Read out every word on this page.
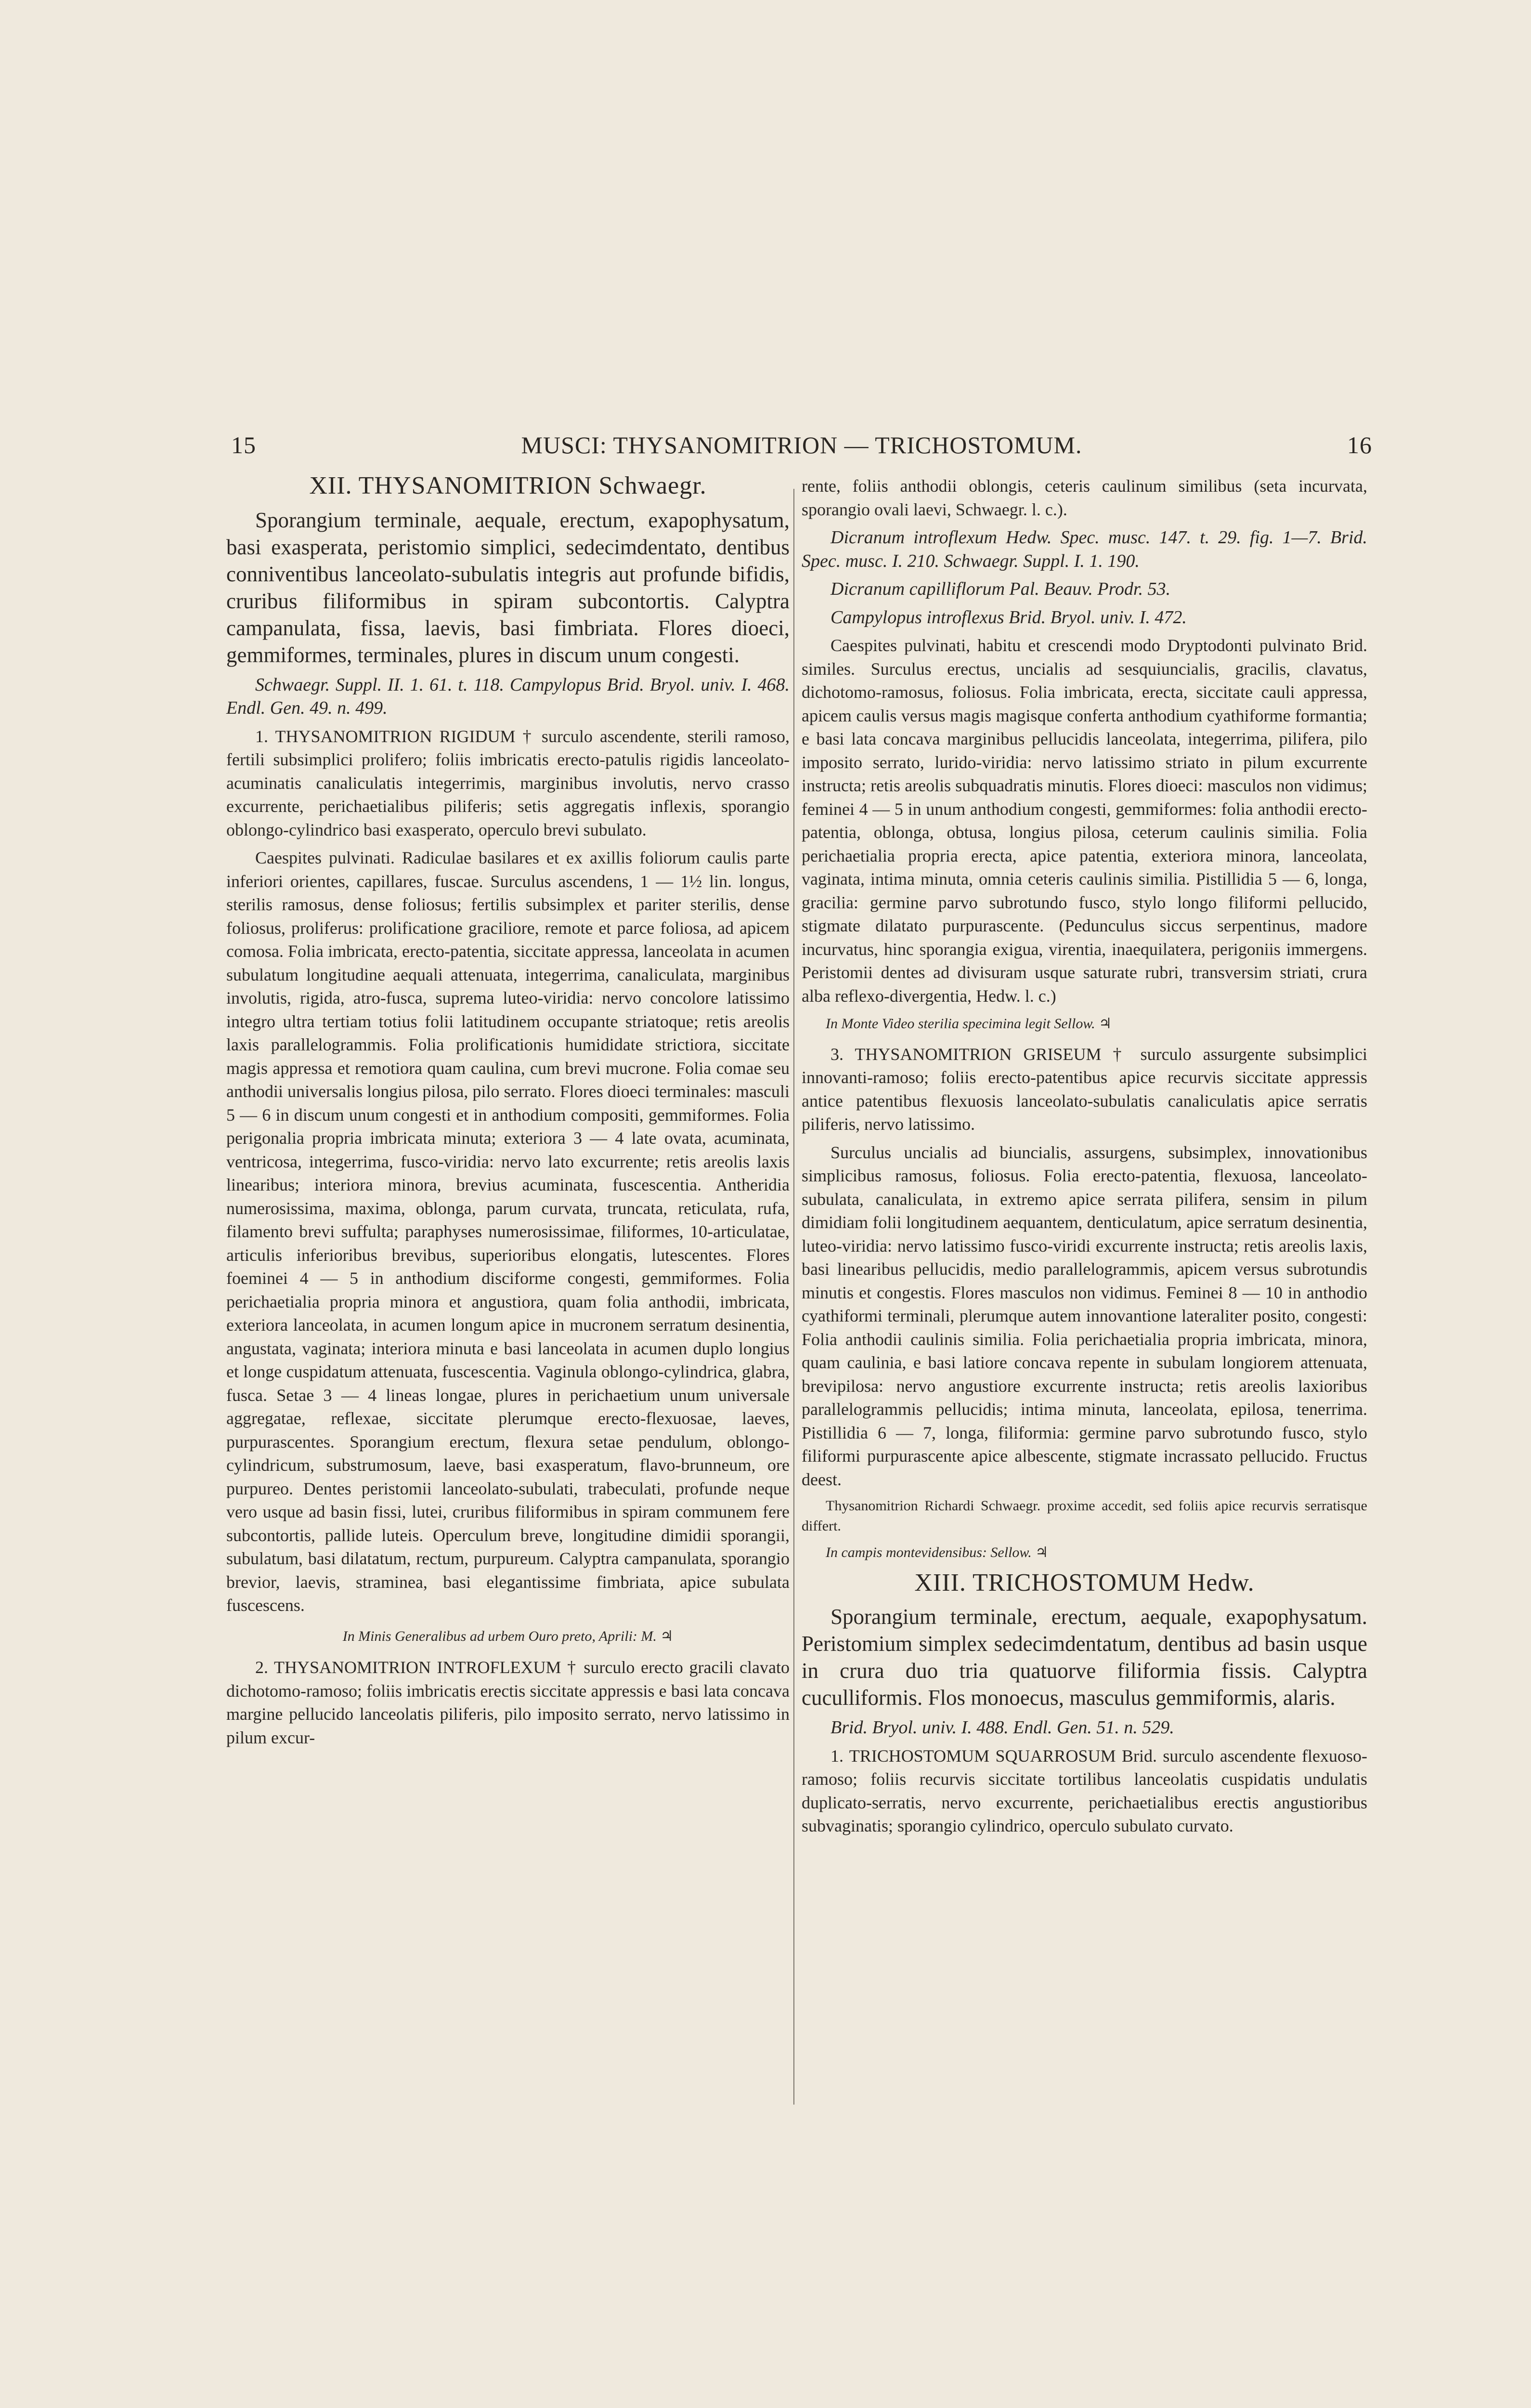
15	MUSCI: THYSANOMITRION — TRICHOSTOMUM.	16
XII. THYSANOMITRION Schwaegr.

Sporangium terminale, aequale, erectum, exapophysatum, basi exasperata, peristomio simplici, sedecimdentato, dentibus conniventibus lanceolato-subulatis integris aut profunde bifidis, cruribus filiformibus in spiram subcontortis. Calyptra campanulata, fissa, laevis, basi fimbriata. Flores dioeci, gemmiformes, terminales, plures in discum unum congesti.

Schwaegr. Suppl. II. 1. 61. t. 118. Campylopus Brid. Bryol. univ. I. 468. Endl. Gen. 49. n. 499.

1. THYSANOMITRION RIGIDUM † surculo ascendente, sterili ramoso, fertili subsimplici prolifero; foliis imbricatis erecto-patulis rigidis lanceolato-acuminatis canaliculatis integerrimis, marginibus involutis, nervo crasso excurrente, perichaetialibus piliferis; setis aggregatis inflexis, sporangio oblongo-cylindrico basi exasperato, operculo brevi subulato.

Caespites pulvinati. Radiculae basilares et ex axillis foliorum caulis parte inferiori orientes, capillares, fuscae. Surculus ascendens, 1 — 1½ lin. longus, sterilis ramosus, dense foliosus; fertilis subsimplex et pariter sterilis, dense foliosus, proliferus: prolificatione graciliore, remote et parce foliosa, ad apicem comosa. Folia imbricata, erecto-patentia, siccitate appressa, lanceolata in acumen subulatum longitudine aequali attenuata, integerrima, canaliculata, marginibus involutis, rigida, atro-fusca, suprema luteo-viridia: nervo concolore latissimo integro ultra tertiam totius folii latitudinem occupante striatoque; retis areolis laxis parallelogrammis. Folia prolificationis humididate strictiora, siccitate magis appressa et remotiora quam caulina, cum brevi mucrone. Folia comae seu anthodii universalis longius pilosa, pilo serrato. Flores dioeci terminales: masculi 5 — 6 in discum unum congesti et in anthodium compositi, gemmiformes. Folia perigonalia propria imbricata minuta; exteriora 3 — 4 late ovata, acuminata, ventricosa, integerrima, fusco-viridia: nervo lato excurrente; retis areolis laxis linearibus; interiora minora, brevius acuminata, fuscescentia. Antheridia numerosissima, maxima, oblonga, parum curvata, truncata, reticulata, rufa, filamento brevi suffulta; paraphyses numerosissimae, filiformes, 10-articulatae, articulis inferioribus brevibus, superioribus elongatis, lutescentes. Flores foeminei 4 — 5 in anthodium disciforme congesti, gemmiformes. Folia perichaetialia propria minora et angustiora, quam folia anthodii, imbricata, exteriora lanceolata, in acumen longum apice in mucronem serratum desinentia, angustata, vaginata; interiora minuta e basi lanceolata in acumen duplo longius et longe cuspidatum attenuata, fuscescentia. Vaginula oblongo-cylindrica, glabra, fusca. Setae 3 — 4 lineas longae, plures in perichaetium unum universale aggregatae, reflexae, siccitate plerumque erecto-flexuosae, laeves, purpurascentes. Sporangium erectum, flexura setae pendulum, oblongo-cylindricum, substrumosum, laeve, basi exasperatum, flavo-brunneum, ore purpureo. Dentes peristomii lanceolato-subulati, trabeculati, profunde neque vero usque ad basin fissi, lutei, cruribus filiformibus in spiram communem fere subcontortis, pallide luteis. Operculum breve, longitudine dimidii sporangii, subulatum, basi dilatatum, rectum, purpureum. Calyptra campanulata, sporangio brevior, laevis, straminea, basi elegantissime fimbriata, apice subulata fuscescens.

In Minis Generalibus ad urbem Ouro preto, Aprili: M. ♃

2. THYSANOMITRION INTROFLEXUM † surculo erecto gracili clavato dichotomo-ramoso; foliis imbricatis erectis siccitate appressis e basi lata concava margine pellucido lanceolatis piliferis, pilo imposito serrato, nervo latissimo in pilum excur-

rente, foliis anthodii oblongis, ceteris caulinum similibus (seta incurvata, sporangio ovali laevi, Schwaegr. l. c.).

Dicranum introflexum Hedw. Spec. musc. 147. t. 29. fig. 1—7. Brid. Spec. musc. I. 210. Schwaegr. Suppl. I. 1. 190.

Dicranum capilliflorum Pal. Beauv. Prodr. 53.

Campylopus introflexus Brid. Bryol. univ. I. 472.

Caespites pulvinati, habitu et crescendi modo Dryptodonti pulvinato Brid. similes. Surculus erectus, uncialis ad sesquiuncialis, gracilis, clavatus, dichotomo-ramosus, foliosus. Folia imbricata, erecta, siccitate cauli appressa, apicem caulis versus magis magisque conferta anthodium cyathiforme formantia; e basi lata concava marginibus pellucidis lanceolata, integerrima, pilifera, pilo imposito serrato, lurido-viridia: nervo latissimo striato in pilum excurrente instructa; retis areolis subquadratis minutis. Flores dioeci: masculos non vidimus; feminei 4 — 5 in unum anthodium congesti, gemmiformes: folia anthodii erecto-patentia, oblonga, obtusa, longius pilosa, ceterum caulinis similia. Folia perichaetialia propria erecta, apice patentia, exteriora minora, lanceolata, vaginata, intima minuta, omnia ceteris caulinis similia. Pistillidia 5 — 6, longa, gracilia: germine parvo subrotundo fusco, stylo longo filiformi pellucido, stigmate dilatato purpurascente. (Pedunculus siccus serpentinus, madore incurvatus, hinc sporangia exigua, virentia, inaequilatera, perigoniis immergens. Peristomii dentes ad divisuram usque saturate rubri, transversim striati, crura alba reflexo-divergentia, Hedw. l. c.)

In Monte Video sterilia specimina legit Sellow. ♃

3. THYSANOMITRION GRISEUM † surculo assurgente subsimplici innovanti-ramoso; foliis erecto-patentibus apice recurvis siccitate appressis antice patentibus flexuosis lanceolato-subulatis canaliculatis apice serratis piliferis, nervo latissimo.

Surculus uncialis ad biuncialis, assurgens, subsimplex, innovationibus simplicibus ramosus, foliosus. Folia erecto-patentia, flexuosa, lanceolato-subulata, canaliculata, in extremo apice serrata pilifera, sensim in pilum dimidiam folii longitudinem aequantem, denticulatum, apice serratum desinentia, luteo-viridia: nervo latissimo fusco-viridi excurrente instructa; retis areolis laxis, basi linearibus pellucidis, medio parallelogrammis, apicem versus subrotundis minutis et congestis. Flores masculos non vidimus. Feminei 8 — 10 in anthodio cyathiformi terminali, plerumque autem innovantione lateraliter posito, congesti: Folia anthodii caulinis similia. Folia perichaetialia propria imbricata, minora, quam caulinia, e basi latiore concava repente in subulam longiorem attenuata, brevipilosa: nervo angustiore excurrente instructa; retis areolis laxioribus parallelogrammis pellucidis; intima minuta, lanceolata, epilosa, tenerrima. Pistillidia 6 — 7, longa, filiformia: germine parvo subrotundo fusco, stylo filiformi purpurascente apice albescente, stigmate incrassato pellucido. Fructus deest.

Thysanomitrion Richardi Schwaegr. proxime accedit, sed foliis apice recurvis serratisque differt.

In campis montevidensibus: Sellow. ♃
XIII. TRICHOSTOMUM Hedw.

Sporangium terminale, erectum, aequale, exapophysatum. Peristomium simplex sedecimdentatum, dentibus ad basin usque in crura duo tria quatuorve filiformia fissis. Calyptra cuculliformis. Flos monoecus, masculus gemmiformis, alaris.

Brid. Bryol. univ. I. 488. Endl. Gen. 51. n. 529.

1. TRICHOSTOMUM SQUARROSUM Brid. surculo ascendente flexuoso-ramoso; foliis recurvis siccitate tortilibus lanceolatis cuspidatis undulatis duplicato-serratis, nervo excurrente, perichaetialibus erectis angustioribus subvaginatis; sporangio cylindrico, operculo subulato curvato.
